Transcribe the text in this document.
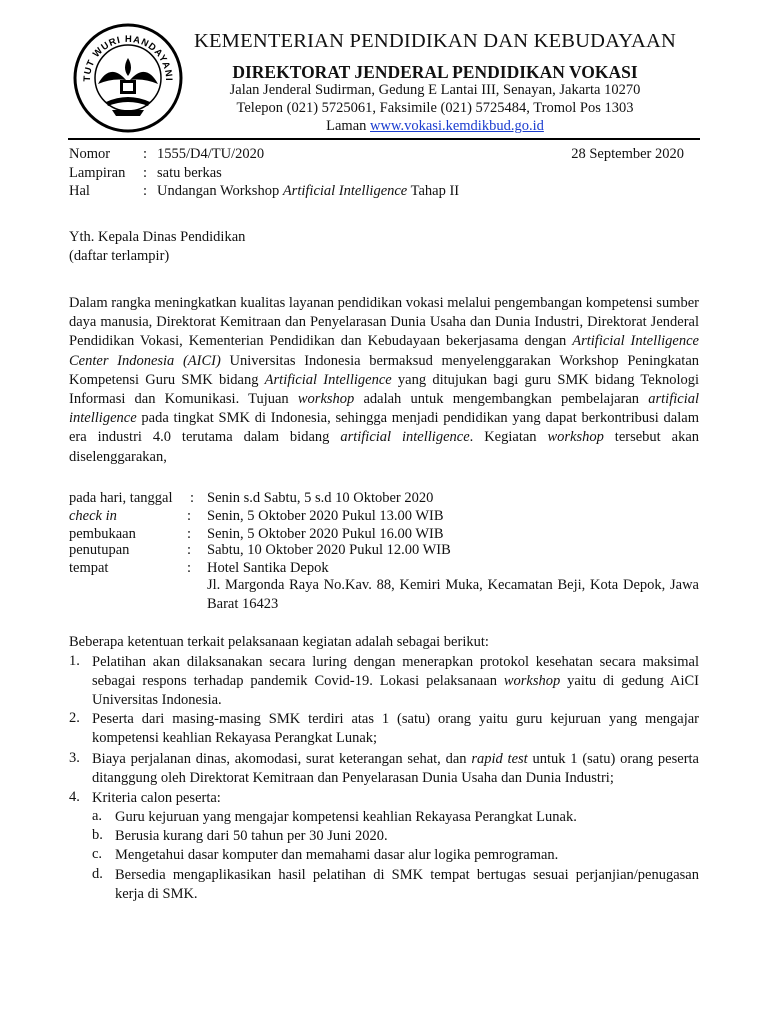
TUT WURI HANDAYANI
KEMENTERIAN PENDIDIKAN DAN KEBUDAYAAN
DIREKTORAT JENDERAL PENDIDIKAN VOKASI
Jalan Jenderal Sudirman, Gedung E Lantai III, Senayan, Jakarta 10270
Telepon (021) 5725061, Faksimile (021) 5725484, Tromol Pos 1303
Laman www.vokasi.kemdikbud.go.id
Nomor : 1555/D4/TU/2020	28 September 2020
Lampiran : satu berkas
Hal	: Undangan Workshop Artificial Intelligence Tahap II
Yth. Kepala Dinas Pendidikan
(daftar terlampir)
Dalam rangka meningkatkan kualitas layanan pendidikan vokasi melalui pengembangan kompetensi sumber daya manusia, Direktorat Kemitraan dan Penyelarasan Dunia Usaha dan Dunia Industri, Direktorat Jenderal Pendidikan Vokasi, Kementerian Pendidikan dan Kebudayaan bekerjasama dengan Artificial Intelligence Center Indonesia (AICI) Universitas Indonesia bermaksud menyelenggarakan Workshop Peningkatan Kompetensi Guru SMK bidang Artificial Intelligence yang ditujukan bagi guru SMK bidang Teknologi Informasi dan Komunikasi. Tujuan workshop adalah untuk mengembangkan pembelajaran artificial intelligence pada tingkat SMK di Indonesia, sehingga menjadi pendidikan yang dapat berkontribusi dalam era industri 4.0 terutama dalam bidang artificial intelligence. Kegiatan workshop tersebut akan diselenggarakan,
pada hari, tanggal : Senin s.d Sabtu, 5 s.d 10 Oktober 2020
check in	: Senin, 5 Oktober 2020 Pukul 13.00 WIB
pembukaan	: Senin, 5 Oktober 2020 Pukul 16.00 WIB
penutupan	: Sabtu, 10 Oktober 2020 Pukul 12.00 WIB
tempat	: Hotel Santika Depok
Jl. Margonda Raya No.Kav. 88, Kemiri Muka, Kecamatan Beji, Kota Depok, Jawa Barat 16423
Beberapa ketentuan terkait pelaksanaan kegiatan adalah sebagai berikut:
1. Pelatihan akan dilaksanakan secara luring dengan menerapkan protokol kesehatan secara maksimal sebagai respons terhadap pandemik Covid-19. Lokasi pelaksanaan workshop yaitu di gedung AiCI Universitas Indonesia.
2. Peserta dari masing-masing SMK terdiri atas 1 (satu) orang yaitu guru kejuruan yang mengajar kompetensi keahlian Rekayasa Perangkat Lunak;
3. Biaya perjalanan dinas, akomodasi, surat keterangan sehat, dan rapid test untuk 1 (satu) orang peserta ditanggung oleh Direktorat Kemitraan dan Penyelarasan Dunia Usaha dan Dunia Industri;
4. Kriteria calon peserta:
a. Guru kejuruan yang mengajar kompetensi keahlian Rekayasa Perangkat Lunak.
b. Berusia kurang dari 50 tahun per 30 Juni 2020.
c. Mengetahui dasar komputer dan memahami dasar alur logika pemrograman.
d. Bersedia mengaplikasikan hasil pelatihan di SMK tempat bertugas sesuai perjanjian/penugasan kerja di SMK.
